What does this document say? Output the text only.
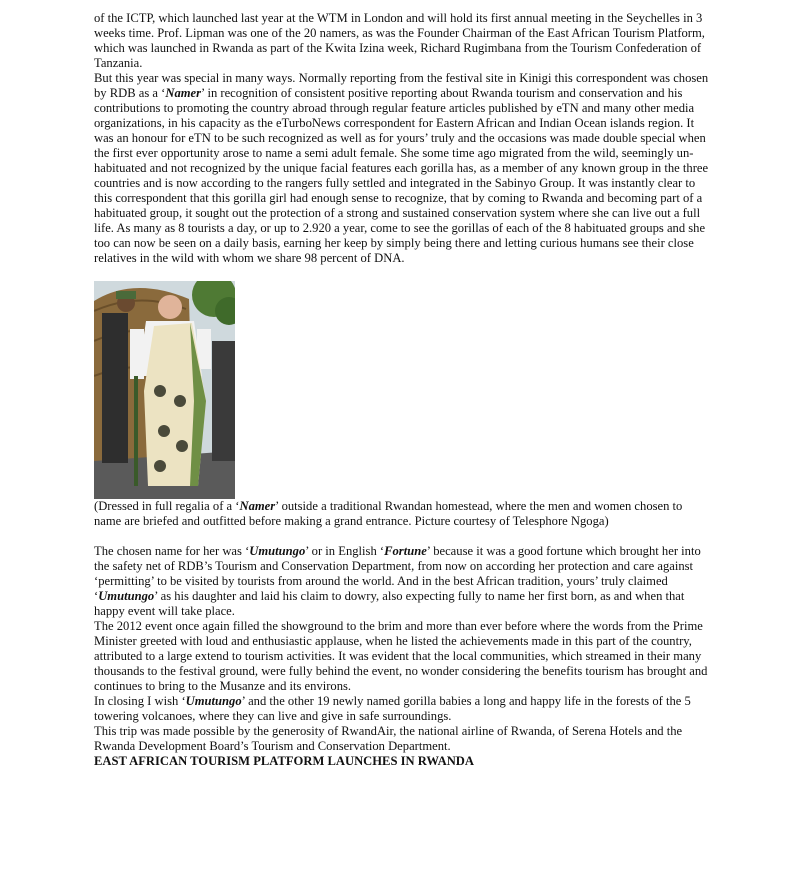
of the ICTP, which launched last year at the WTM in London and will hold its first annual meeting in the Seychelles in 3 weeks time. Prof. Lipman was one of the 20 namers, as was the Founder Chairman of the East African Tourism Platform, which was launched in Rwanda as part of the Kwita Izina week, Richard Rugimbana from the Tourism Confederation of Tanzania.

But this year was special in many ways. Normally reporting from the festival site in Kinigi this correspondent was chosen by RDB as a ‘Namer’ in recognition of consistent positive reporting about Rwanda tourism and conservation and his contributions to promoting the country abroad through regular feature articles published by eTN and many other media organizations, in his capacity as the eTurboNews correspondent for Eastern African and Indian Ocean islands region. It was an honour for eTN to be such recognized as well as for yours’ truly and the occasions was made double special when the first ever opportunity arose to name a semi adult female. She some time ago migrated from the wild, seemingly un-habituated and not recognized by the unique facial features each gorilla has, as a member of any known group in the three countries and is now according to the rangers fully settled and integrated in the Sabinyo Group. It was instantly clear to this correspondent that this gorilla girl had enough sense to recognize, that by coming to Rwanda and becoming part of a habituated group, it sought out the protection of a strong and sustained conservation system where she can live out a full life. As many as 8 tourists a day, or up to 2.920 a year, come to see the gorillas of each of the 8 habituated groups and she too can now be seen on a daily basis, earning her keep by simply being there and letting curious humans see their close relatives in the wild with whom we share 98 percent of DNA.

(Dressed in full regalia of a ‘Namer’ outside a traditional Rwandan homestead, where the men and women chosen to name are briefed and outfitted before making a grand entrance. Picture courtesy of Telesphore Ngoga)

The chosen name for her was ‘Umutungo’ or in English ‘Fortune’ because it was a good fortune which brought her into the safety net of RDB’s Tourism and Conservation Department, from now on according her protection and care against ‘permitting’ to be visited by tourists from around the world. And in the best African tradition, yours’ truly claimed ‘Umutungo’ as his daughter and laid his claim to dowry, also expecting fully to name her first born, as and when that happy event will take place.

The 2012 event once again filled the showground to the brim and more than ever before where the words from the Prime Minister greeted with loud and enthusiastic applause, when he listed the achievements made in this part of the country, attributed to a large extend to tourism activities. It was evident that the local communities, which streamed in their many thousands to the festival ground, were fully behind the event, no wonder considering the benefits tourism has brought and continues to bring to the Musanze and its environs.

In closing I wish ‘Umutungo’ and the other 19 newly named gorilla babies a long and happy life in the forests of the 5 towering volcanoes, where they can live and give in safe surroundings.

This trip was made possible by the generosity of RwandAir, the national airline of Rwanda, of Serena Hotels and the Rwanda Development Board’s Tourism and Conservation Department.

EAST AFRICAN TOURISM PLATFORM LAUNCHES IN RWANDA
